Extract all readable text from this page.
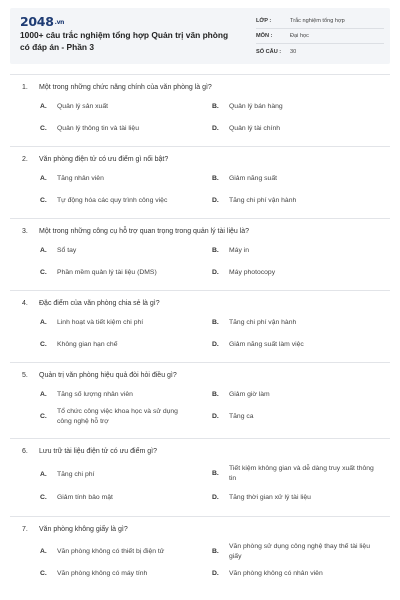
$2048^{.vn}$
1000+ câu trắc nghiệm tổng hợp Quản trị văn phòng có đáp án - Phần 3
LỚP :	Trắc nghiệm tổng hợp
MÔN :	Đại học
SỐ CÂU :	30
1. Một trong những chức năng chính của văn phòng là gì?
A.	Quản lý sản xuất	B.	Quản lý bán hàng
C.	Quản lý thông tin và tài liệu	D.	Quản lý tài chính
2. Văn phòng điện tử có ưu điểm gì nổi bật?
A.	Tăng nhân viên	B.	Giảm năng suất
C.	Tự động hóa các quy trình công việc	D.	Tăng chi phí vận hành
3. Một trong những công cụ hỗ trợ quan trọng trong quản lý tài liệu là?
A.	Sổ tay	B.	Máy in
C.	Phần mềm quản lý tài liệu (DMS)	D.	Máy photocopy
4. Đặc điểm của văn phòng chia sẻ là gì?
A.	Linh hoạt và tiết kiệm chi phí	B.	Tăng chi phí vận hành
C.	Không gian hạn chế	D.	Giảm năng suất làm việc
5. Quản trị văn phòng hiệu quả đòi hỏi điều gì?
A.	Tăng số lượng nhân viên	B.	Giảm giờ làm
C.
Tổ chức công việc khoa học và sử dụng công nghệ hỗ trợ
D.	Tăng ca
6. Lưu trữ tài liệu điện tử có ưu điểm gì?
A.	Tăng chi phí	B.
Tiết kiệm không gian và dễ dàng truy xuất thông tin
C.	Giảm tính bảo mật	D.	Tăng thời gian xử lý tài liệu
7. Văn phòng không giấy là gì?
A.	Văn phòng không có thiết bị điện tử	B.
Văn phòng sử dụng công nghệ thay thế tài liệu giấy
C.	Văn phòng không có máy tính	D.	Văn phòng không có nhân viên
